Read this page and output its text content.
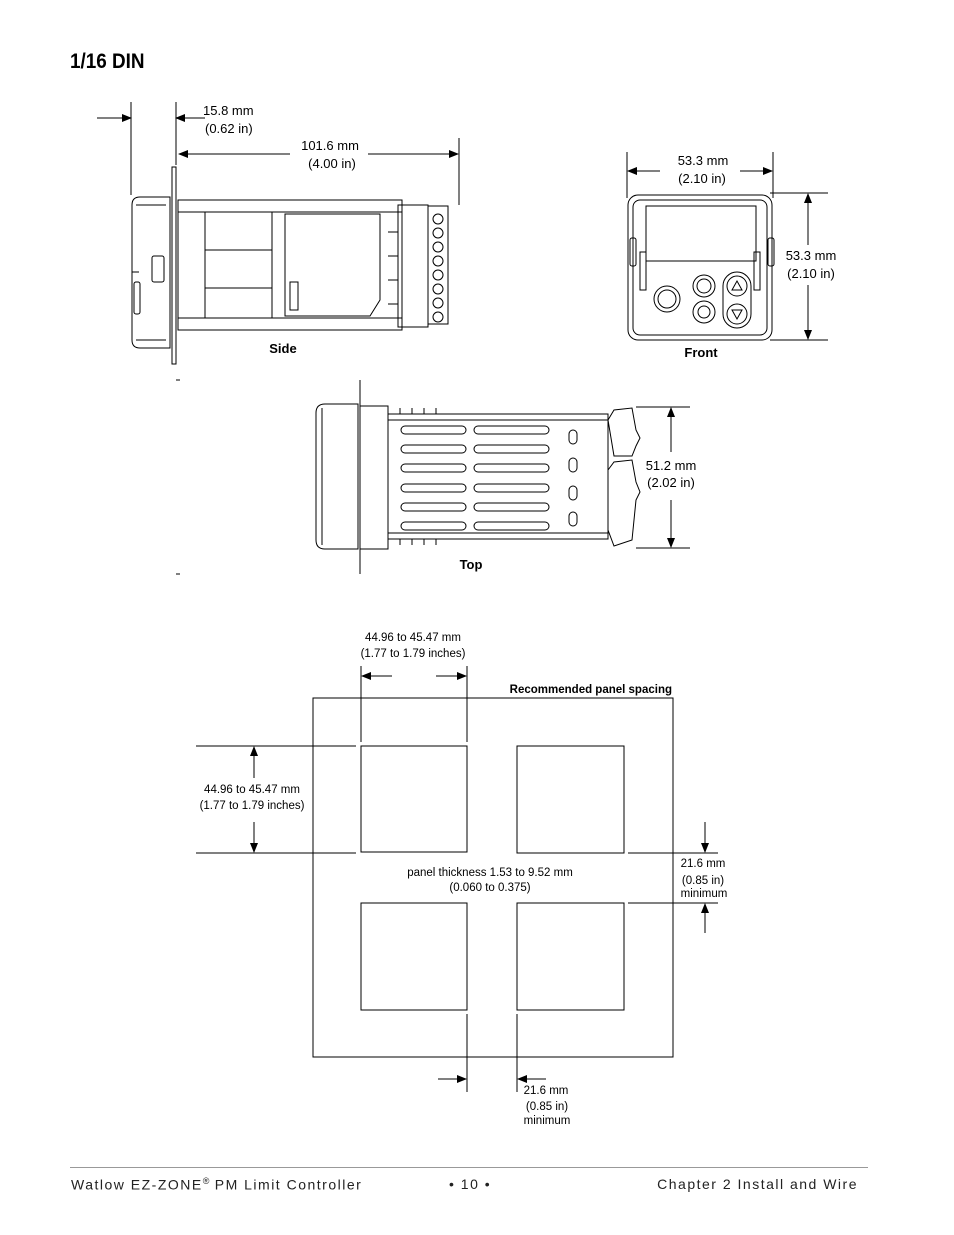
1/16 DIN
15.8 mm
(0.62 in)
101.6 mm
(4.00 in)
Side
53.3 mm
(2.10 in)
53.3 mm
(2.10 in)
Front
51.2 mm
(2.02 in)
Top
44.96 to 45.47 mm
(1.77 to 1.79 inches)
Recommended panel spacing
44.96 to 45.47 mm
(1.77 to 1.79 inches)
panel thickness 1.53 to 9.52 mm
(0.060 to 0.375)
21.6 mm
(0.85 in)
minimum
21.6 mm
(0.85 in)
minimum
Watlow EZ-ZONE® PM Limit Controller	• 10 •	Chapter 2 Install and Wire
